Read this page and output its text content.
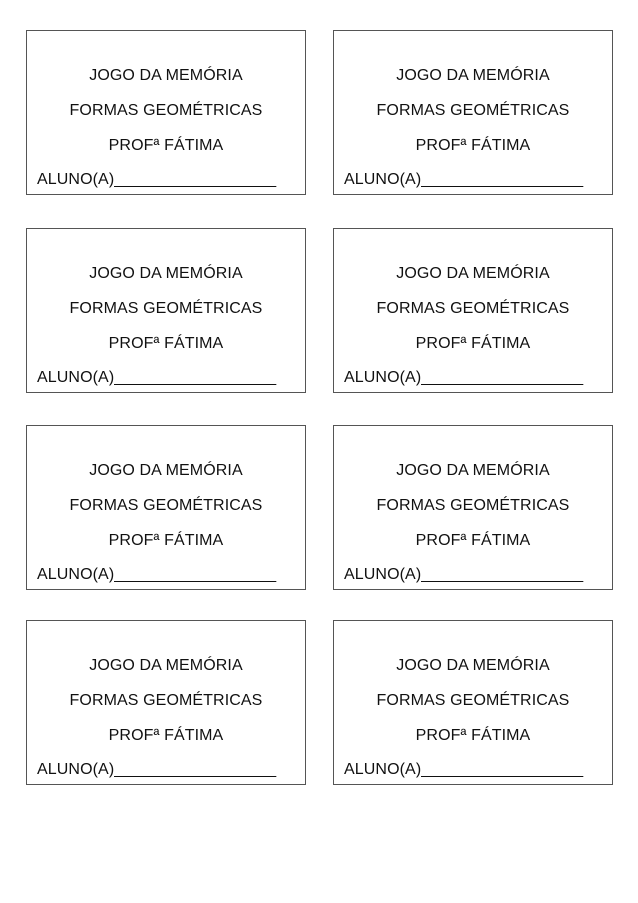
JOGO DA MEMÓRIA
FORMAS GEOMÉTRICAS
PROFª FÁTIMA
ALUNO(A)__________________
JOGO DA MEMÓRIA
FORMAS GEOMÉTRICAS
PROFª FÁTIMA
ALUNO(A)__________________
JOGO DA MEMÓRIA
FORMAS GEOMÉTRICAS
PROFª FÁTIMA
ALUNO(A)__________________
JOGO DA MEMÓRIA
FORMAS GEOMÉTRICAS
PROFª FÁTIMA
ALUNO(A)__________________
JOGO DA MEMÓRIA
FORMAS GEOMÉTRICAS
PROFª FÁTIMA
ALUNO(A)__________________
JOGO DA MEMÓRIA
FORMAS GEOMÉTRICAS
PROFª FÁTIMA
ALUNO(A)__________________
JOGO DA MEMÓRIA
FORMAS GEOMÉTRICAS
PROFª FÁTIMA
ALUNO(A)__________________
JOGO DA MEMÓRIA
FORMAS GEOMÉTRICAS
PROFª FÁTIMA
ALUNO(A)__________________
